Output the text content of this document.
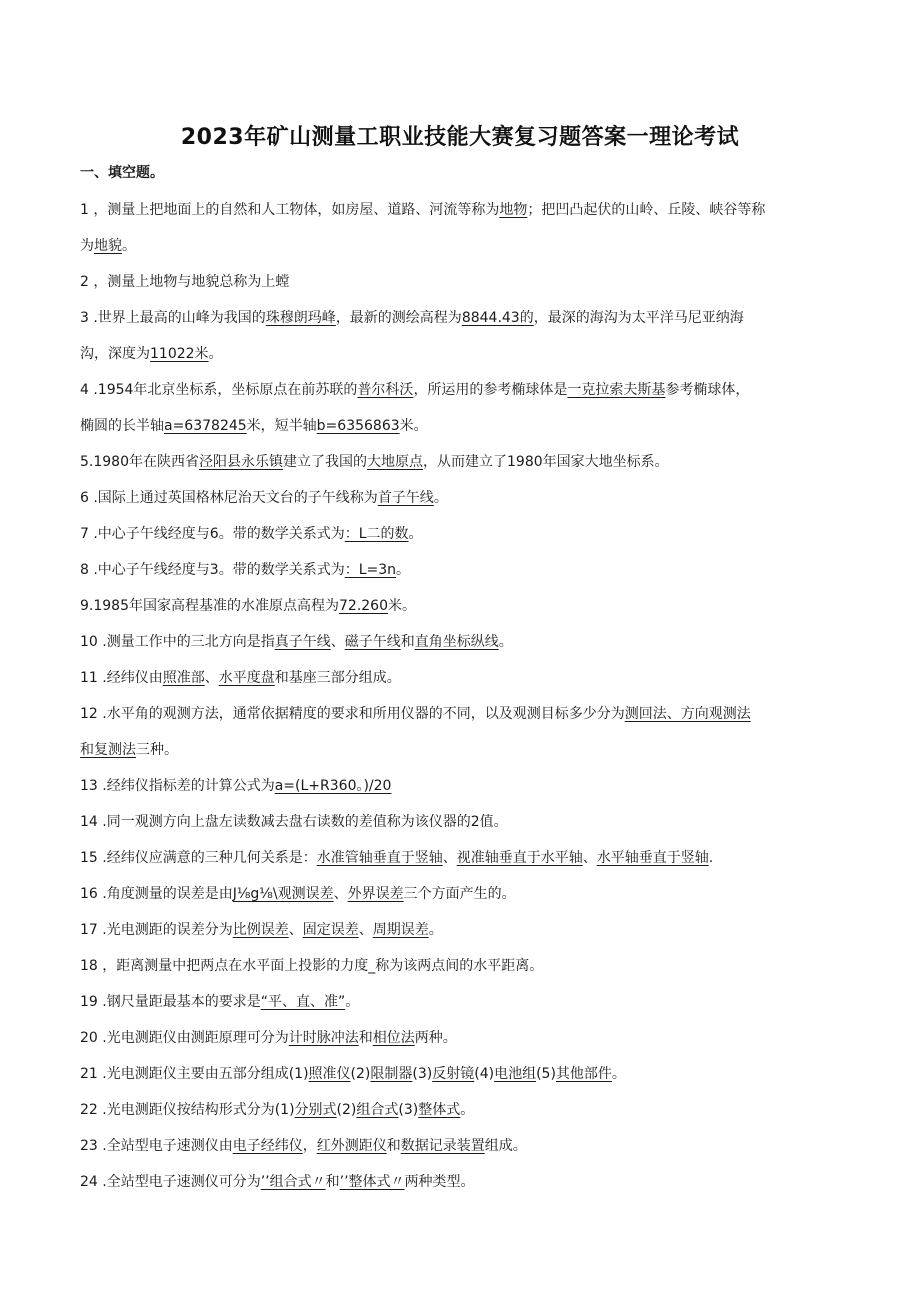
2023年矿山测量工职业技能大赛复习题答案一理论考试
一、填空题。
1 ，测量上把地面上的自然和人工物体，如房屋、道路、河流等称为地物；把凹凸起伏的山岭、丘陵、峡谷等称
为地貌。
2 ，测量上地物与地貌总称为上螳
3 .世界上最高的山峰为我国的珠穆朗玛峰，最新的测绘高程为8844.43的，最深的海沟为太平洋马尼亚纳海
沟，深度为11022米。
4 .1954年北京坐标系，坐标原点在前苏联的普尔科沃，所运用的参考椭球体是一克拉索夫斯基参考椭球体，
椭圆的长半轴a=6378245米，短半轴b=6356863米。
5.1980年在陕西省泾阳县永乐镇建立了我国的大地原点，从而建立了1980年国家大地坐标系。
6 .国际上通过英国格林尼治天文台的子午线称为首子午线。
7 .中心子午线经度与6。带的数学关系式为：L二的数。
8 .中心子午线经度与3。带的数学关系式为：L=3n。
9.1985年国家高程基准的水准原点高程为72.260米。
10 .测量工作中的三北方向是指真子午线、磁子午线和直角坐标纵线。
11 .经纬仪由照准部、水平度盘和基座三部分组成。
12 .水平角的观测方法，通常依据精度的要求和所用仪器的不同，以及观测目标多少分为测回法、方向观测法
和复测法三种。
13 .经纬仪指标差的计算公式为a=(L+R360。)/20
14 .同一观测方向上盘左读数减去盘右读数的差值称为该仪器的2值。
15 .经纬仪应满意的三种几何关系是：水准管轴垂直于竖轴、视准轴垂直于水平轴、水平轴垂直于竖轴.
16 .角度测量的误差是由J⅛g⅛\观测误差、外界误差三个方面产生的。
17 .光电测距的误差分为比例误差、固定误差、周期误差。
18 ，距离测量中把两点在水平面上投影的力度_称为该两点间的水平距离。
19 .钢尺量距最基本的要求是“平、直、准”。
20 .光电测距仪由测距原理可分为计时脉冲法和相位法两种。
21 .光电测距仪主要由五部分组成(1)照准仪(2)限制器(3)反射镜(4)电池组(5)其他部件。
22 .光电测距仪按结构形式分为(1)分别式(2)组合式(3)整体式。
23 .全站型电子速测仪由电子经纬仪，红外测距仪和数据记录装置组成。
24 .全站型电子速测仪可分为’’组合式〃和’’整体式〃两种类型。
